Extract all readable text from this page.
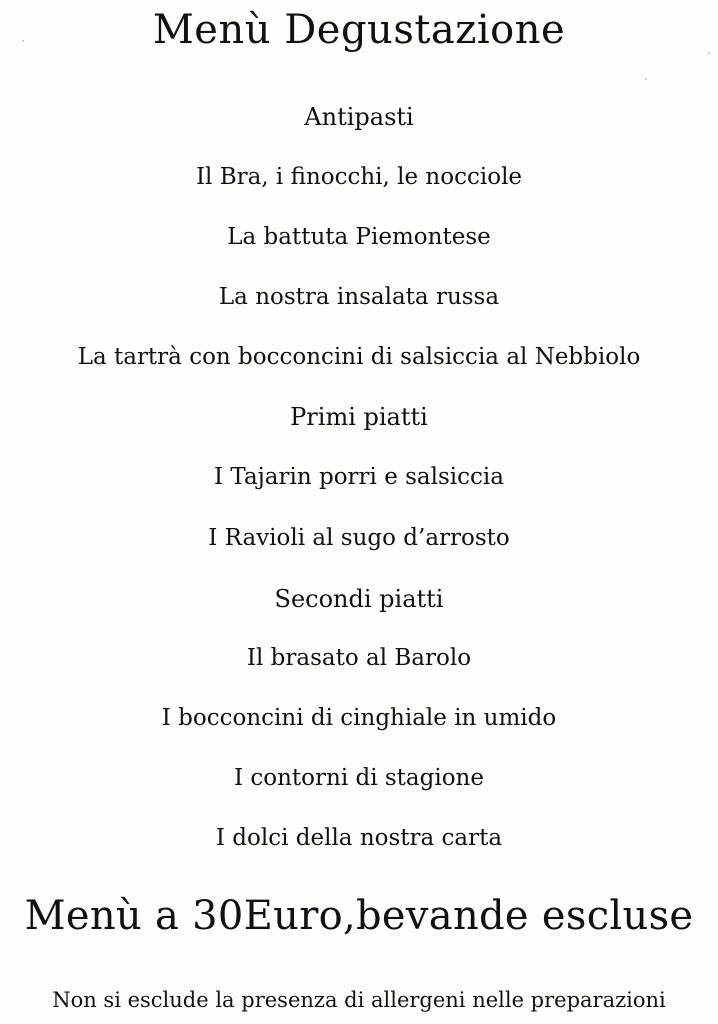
Menù Degustazione
Antipasti
Il Bra, i finocchi, le nocciole
La battuta Piemontese
La nostra insalata russa
La tartrà con bocconcini di salsiccia al Nebbiolo
Primi piatti
I Tajarin porri e salsiccia
I Ravioli al sugo d’arrosto
Secondi piatti
Il brasato al Barolo
I bocconcini di cinghiale in umido
I contorni di stagione
I dolci della nostra carta
Menù a 30Euro,bevande escluse
Non si esclude la presenza di allergeni nelle preparazioni
